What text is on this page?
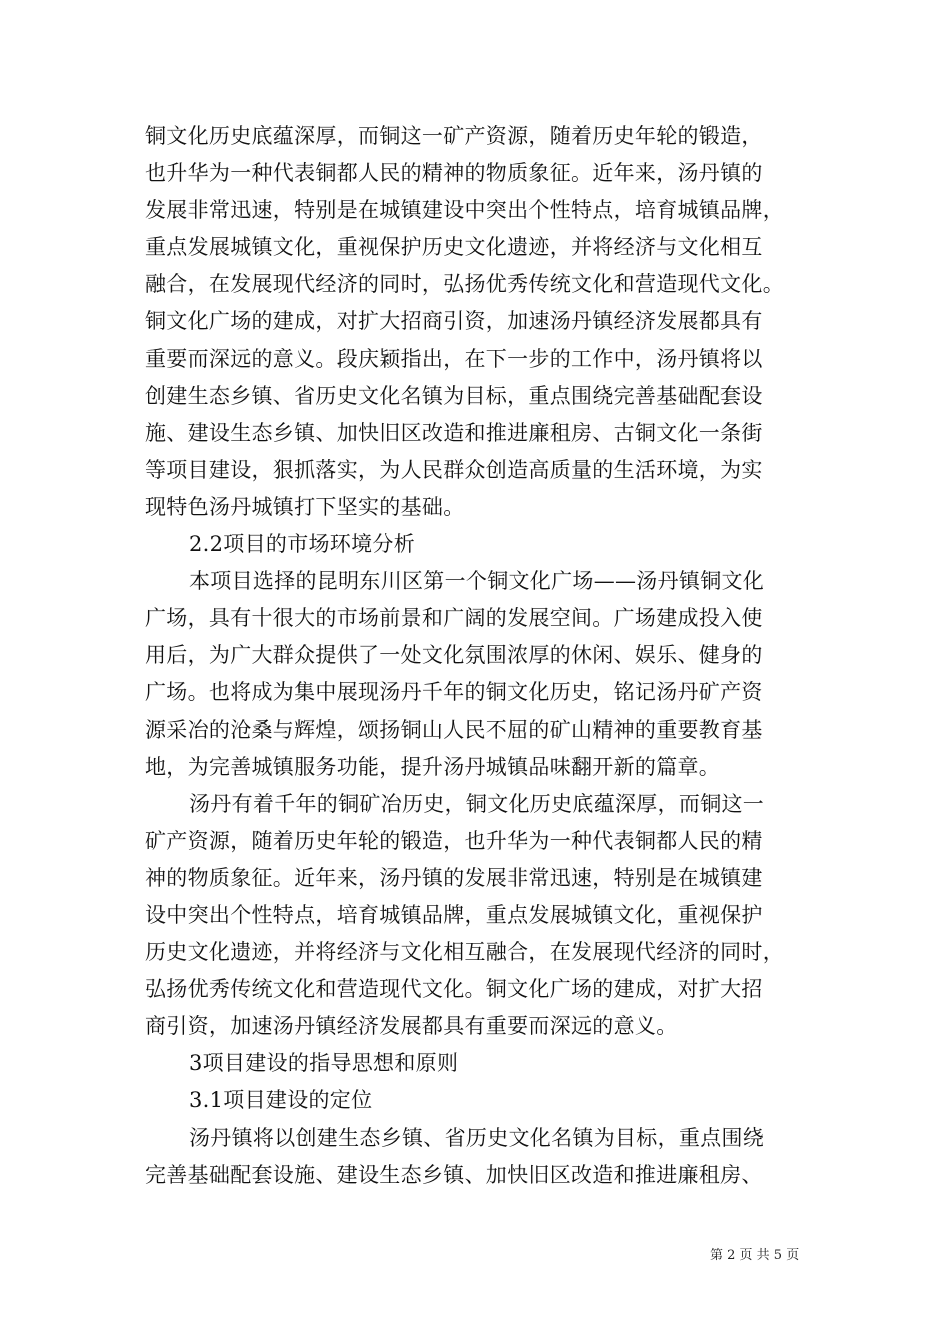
铜文化历史底蕴深厚，而铜这一矿产资源，随着历史年轮的锻造，
也升华为一种代表铜都人民的精神的物质象征。近年来，汤丹镇的
发展非常迅速，特别是在城镇建设中突出个性特点，培育城镇品牌，
重点发展城镇文化，重视保护历史文化遗迹，并将经济与文化相互
融合，在发展现代经济的同时，弘扬优秀传统文化和营造现代文化。
铜文化广场的建成，对扩大招商引资，加速汤丹镇经济发展都具有
重要而深远的意义。段庆颖指出，在下一步的工作中，汤丹镇将以
创建生态乡镇、省历史文化名镇为目标，重点围绕完善基础配套设
施、建设生态乡镇、加快旧区改造和推进廉租房、古铜文化一条街
等项目建设，狠抓落实，为人民群众创造高质量的生活环境，为实
现特色汤丹城镇打下坚实的基础。
2.2项目的市场环境分析
本项目选择的昆明东川区第一个铜文化广场——汤丹镇铜文化
广场，具有十很大的市场前景和广阔的发展空间。广场建成投入使
用后，为广大群众提供了一处文化氛围浓厚的休闲、娱乐、健身的
广场。也将成为集中展现汤丹千年的铜文化历史，铭记汤丹矿产资
源采冶的沧桑与辉煌，颂扬铜山人民不屈的矿山精神的重要教育基
地，为完善城镇服务功能，提升汤丹城镇品味翻开新的篇章。
汤丹有着千年的铜矿冶历史，铜文化历史底蕴深厚，而铜这一
矿产资源，随着历史年轮的锻造，也升华为一种代表铜都人民的精
神的物质象征。近年来，汤丹镇的发展非常迅速，特别是在城镇建
设中突出个性特点，培育城镇品牌，重点发展城镇文化，重视保护
历史文化遗迹，并将经济与文化相互融合，在发展现代经济的同时，
弘扬优秀传统文化和营造现代文化。铜文化广场的建成，对扩大招
商引资，加速汤丹镇经济发展都具有重要而深远的意义。
3项目建设的指导思想和原则
3.1项目建设的定位
汤丹镇将以创建生态乡镇、省历史文化名镇为目标，重点围绕
完善基础配套设施、建设生态乡镇、加快旧区改造和推进廉租房、
第 2 页 共 5 页
